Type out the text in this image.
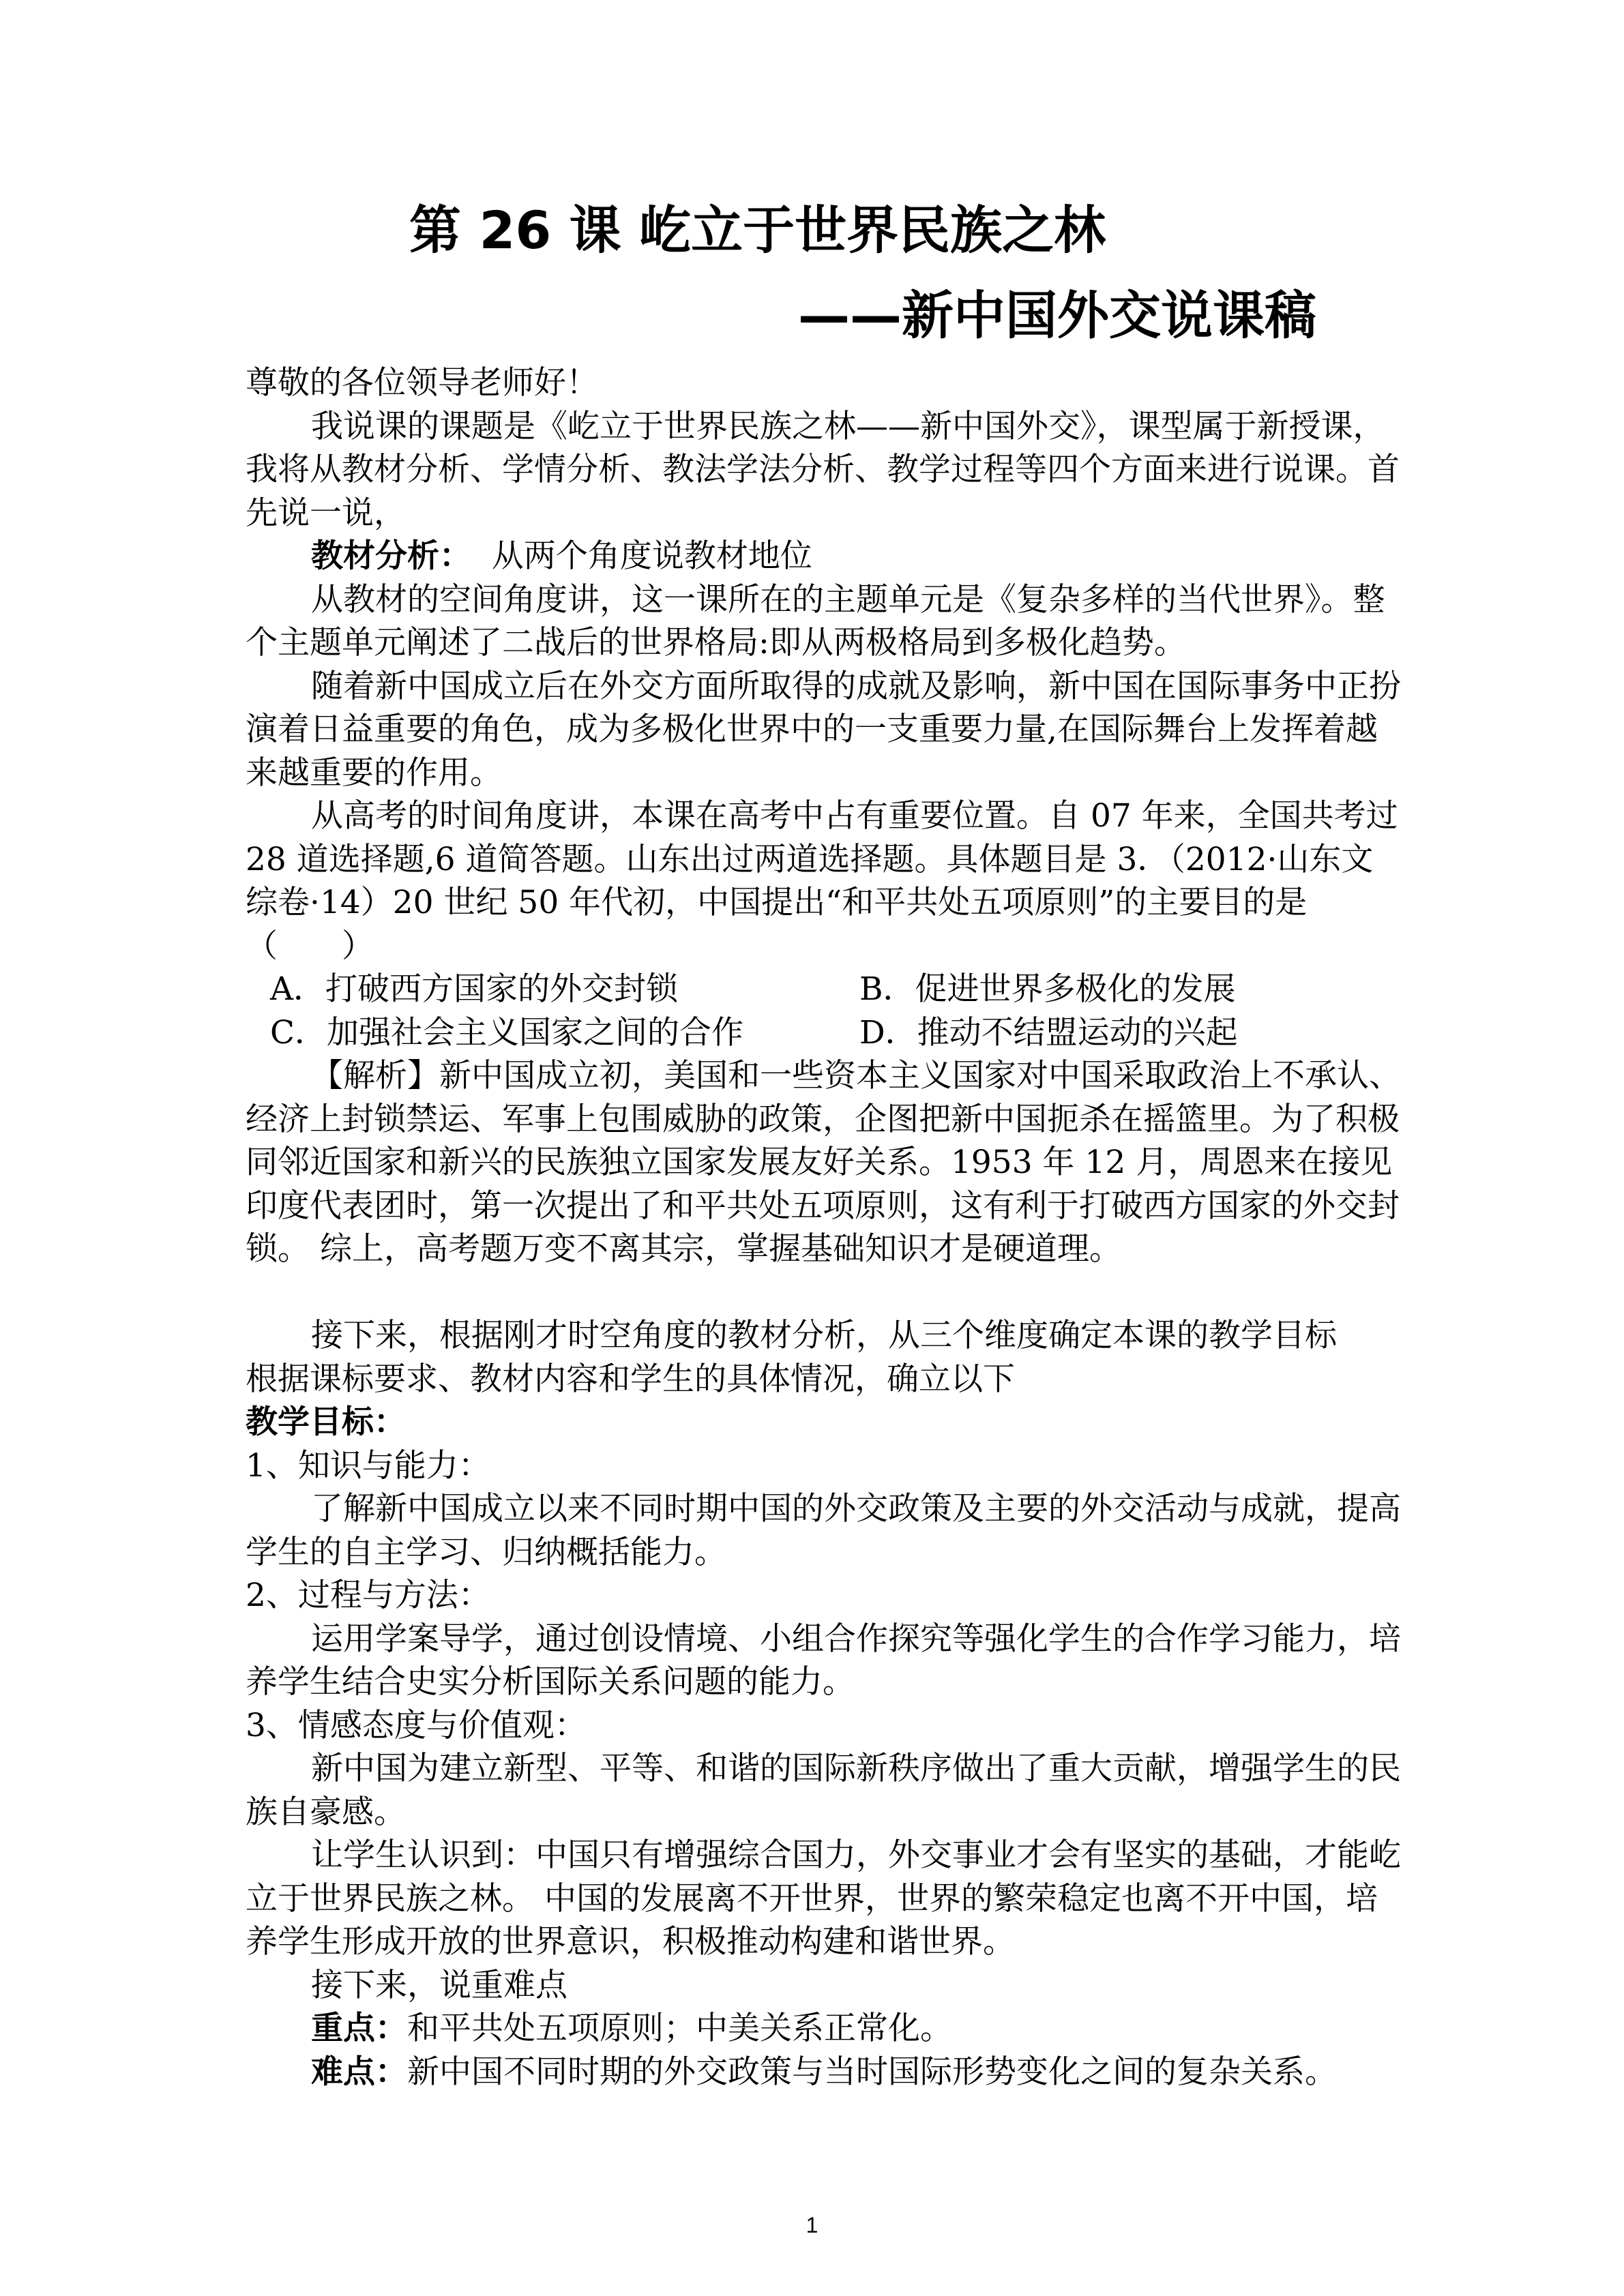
第 26 课 屹立于世界民族之林
——新中国外交说课稿

尊敬的各位领导老师好！

我说课的课题是《屹立于世界民族之林——新中国外交》，课型属于新授课，我将从教材分析、学情分析、教法学法分析、教学过程等四个方面来进行说课。首先说一说，

教材分析： 从两个角度说教材地位

从教材的空间角度讲，这一课所在的主题单元是《复杂多样的当代世界》。整个主题单元阐述了二战后的世界格局:即从两极格局到多极化趋势。

随着新中国成立后在外交方面所取得的成就及影响，新中国在国际事务中正扮演着日益重要的角色，成为多极化世界中的一支重要力量,在国际舞台上发挥着越来越重要的作用。

从高考的时间角度讲，本课在高考中占有重要位置。自 07 年来，全国共考过 28 道选择题,6 道简答题。山东出过两道选择题。具体题目是 3．（2012·山东文综卷·14）20 世纪 50 年代初，中国提出“和平共处五项原则”的主要目的是（　　）

A．打破西方国家的外交封锁	B．促进世界多极化的发展
C．加强社会主义国家之间的合作	D．推动不结盟运动的兴起

【解析】新中国成立初，美国和一些资本主义国家对中国采取政治上不承认、经济上封锁禁运、军事上包围威胁的政策，企图把新中国扼杀在摇篮里。为了积极同邻近国家和新兴的民族独立国家发展友好关系。1953 年 12 月，周恩来在接见印度代表团时，第一次提出了和平共处五项原则，这有利于打破西方国家的外交封锁。 综上，高考题万变不离其宗，掌握基础知识才是硬道理。

接下来，根据刚才时空角度的教材分析，从三个维度确定本课的教学目标

根据课标要求、教材内容和学生的具体情况，确立以下

教学目标：

1、知识与能力：

了解新中国成立以来不同时期中国的外交政策及主要的外交活动与成就，提高学生的自主学习、归纳概括能力。

2、过程与方法：

运用学案导学，通过创设情境、小组合作探究等强化学生的合作学习能力，培养学生结合史实分析国际关系问题的能力。

3、情感态度与价值观：

新中国为建立新型、平等、和谐的国际新秩序做出了重大贡献，增强学生的民族自豪感。

让学生认识到：中国只有增强综合国力，外交事业才会有坚实的基础，才能屹立于世界民族之林。 中国的发展离不开世界，世界的繁荣稳定也离不开中国，培养学生形成开放的世界意识，积极推动构建和谐世界。

接下来，说重难点

重点：和平共处五项原则；中美关系正常化。

难点：新中国不同时期的外交政策与当时国际形势变化之间的复杂关系。

1
